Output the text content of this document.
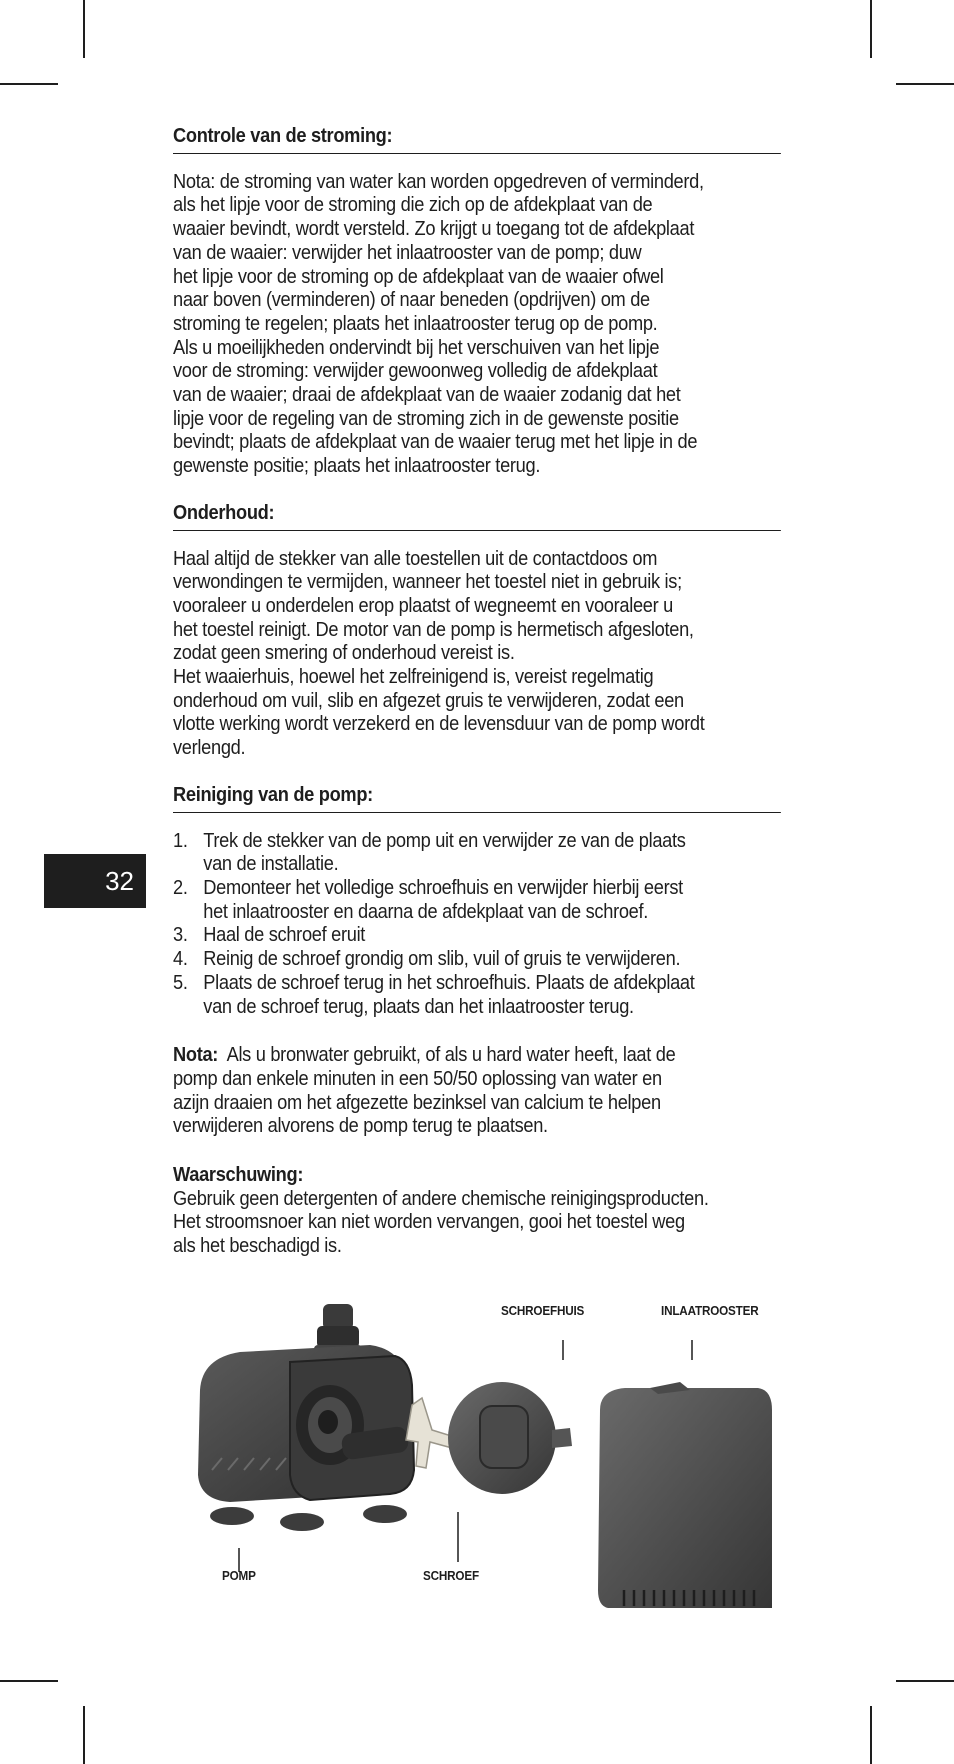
32
Controle van de stroming:

Nota: de stroming van water kan worden opgedreven of verminderd,
als het lipje voor de stroming die zich op de afdekplaat van de
waaier bevindt, wordt versteld. Zo krijgt u toegang tot de afdekplaat
van de waaier: verwijder het inlaatrooster van de pomp; duw
het lipje voor de stroming op de afdekplaat van de waaier ofwel
naar boven (verminderen) of naar beneden (opdrijven) om de
stroming te regelen; plaats het inlaatrooster terug op de pomp.
Als u moeilijkheden ondervindt bij het verschuiven van het lipje
voor de stroming: verwijder gewoonweg volledig de afdekplaat
van de waaier; draai de afdekplaat van de waaier zodanig dat het
lipje voor de regeling van de stroming zich in de gewenste positie
bevindt; plaats de afdekplaat van de waaier terug met het lipje in de
gewenste positie; plaats het inlaatrooster terug.

Onderhoud:

Haal altijd de stekker van alle toestellen uit de contactdoos om
verwondingen te vermijden, wanneer het toestel niet in gebruik is;
vooraleer u onderdelen erop plaatst of wegneemt en vooraleer u
het toestel reinigt. De motor van de pomp is hermetisch afgesloten,
zodat geen smering of onderhoud vereist is.
Het waaierhuis, hoewel het zelfreinigend is, vereist regelmatig
onderhoud om vuil, slib en afgezet gruis te verwijderen, zodat een
vlotte werking wordt verzekerd en de levensduur van de pomp wordt
verlengd.

Reiniging van de pomp:
1. Trek de stekker van de pomp uit en verwijder ze van de plaats
van de installatie.
2. Demonteer het volledige schroefhuis en verwijder hierbij eerst
het inlaatrooster en daarna de afdekplaat van de schroef.
3. Haal de schroef eruit
4. Reinig de schroef grondig om slib, vuil of gruis te verwijderen.
5. Plaats de schroef terug in het schroefhuis. Plaats de afdekplaat
van de schroef terug, plaats dan het inlaatrooster terug.

Nota: Als u bronwater gebruikt, of als u hard water heeft, laat de
pomp dan enkele minuten in een 50/50 oplossing van water en
azijn draaien om het afgezette bezinksel van calcium te helpen
verwijderen alvorens de pomp terug te plaatsen.

Waarschuwing:

Gebruik geen detergenten of andere chemische reinigingsproducten.
Het stroomsnoer kan niet worden vervangen, gooi het toestel weg
als het beschadigd is.

POMP	SCHROEF
SCHROEFHUIS	INLAATROOSTER
